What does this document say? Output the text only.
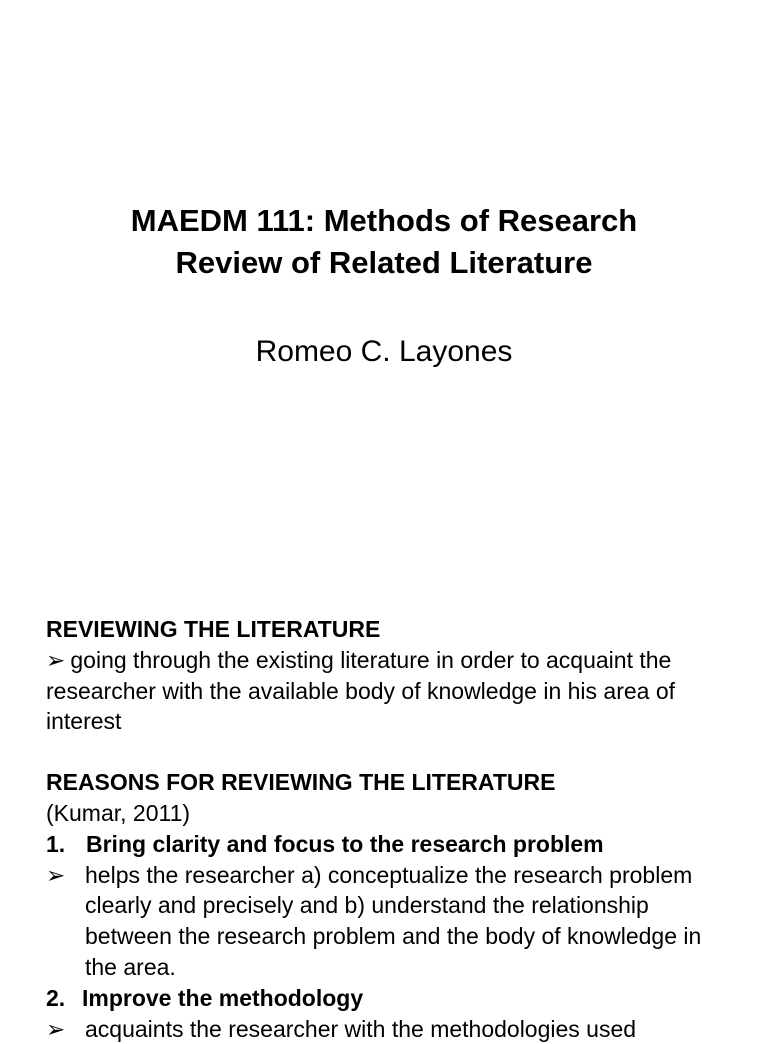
MAEDM 111: Methods of Research

Review of Related Literature

Romeo C. Layones
REVIEWING THE LITERATURE
➢ going through the existing literature in order to acquaint the researcher with the available body of knowledge in his area of interest
REASONS FOR REVIEWING THE LITERATURE
(Kumar, 2011)
1. Bring clarity and focus to the research problem
➢ helps the researcher a) conceptualize the research problem clearly and precisely and b) understand the relationship between the research problem and the body of knowledge in the area.
2. Improve the methodology
➢ acquaints the researcher with the methodologies used
